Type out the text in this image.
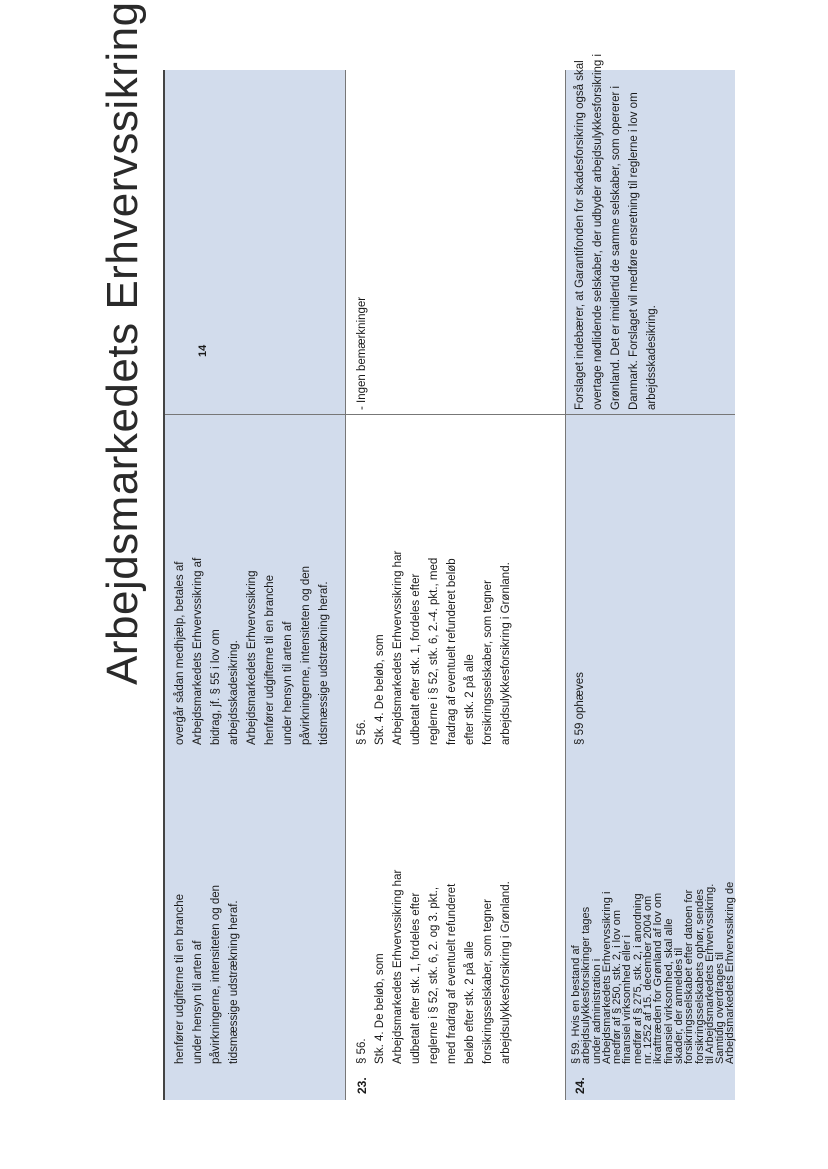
Arbejdsmarkedets Erhvervssikring
henfører udgifterne til en branche under hensyn til arten af påvirkningerne, intensiteten og den tidsmæssige udstrækning heraf.
overgår sådan medhjælp, betales af Arbejdsmarkedets Erhvervssikring af bidrag, jf. § 55 i lov om arbejdsskadesikring. Arbejdsmarkedets Erhvervssikring henfører udgifterne til en branche under hensyn til arten af påvirkningerne, intensiteten og den tidsmæssige udstrækning heraf.
23.
§ 56. Stk. 4. De beløb, som Arbejdsmarkedets Erhvervssikring har udbetalt efter stk. 1, fordeles efter reglerne i § 52, stk. 6, 2. og 3. pkt., med fradrag af eventuelt refunderet beløb efter stk. 2 på alle forsikringsselskaber, som tegner arbejdsulykkesforsikring i Grønland.
§ 56. Stk. 4. De beløb, som Arbejdsmarkedets Erhvervssikring har udbetalt efter stk. 1, fordeles efter reglerne i § 52, stk. 6, 2.-4. pkt., med fradrag af eventuelt refunderet beløb efter stk. 2 på alle forsikringsselskaber, som tegner arbejdsulykkesforsikring i Grønland.
- Ingen bemærkninger
24.
§ 59. Hvis en bestand af
arbejdsulykkesforsikringer tages
under administration i
Arbejdsmarkedets Erhvervssikring i
medfør af § 250, stk. 2, i lov om
finansiel virksomhed eller i
medfør af § 275, stk. 2, i anordning
nr. 1252 af 15. december 2004 om
ikrafttræden for Grønland af lov om
finansiel virksomhed, skal alle
skader, der anmeldes til
forsikringsselskabet efter datoen for
forsikringsselskabets ophør, sendes
til Arbejdsmarkedets Erhvervssikring.
Samtidig overdrages til
Arbejdsmarkedets Erhvervssikring de
§ 59 ophæves
Forslaget indebærer, at Garantifonden for skadesforsikring også skal overtage nødlidende selskaber, der udbyder arbejdsulykkesforsikring i Grønland. Det er imidlertid de samme selskaber, som opererer i Danmark. Forslaget vil medføre ensretning til reglerne i lov om arbejdsskadesikring.
14
